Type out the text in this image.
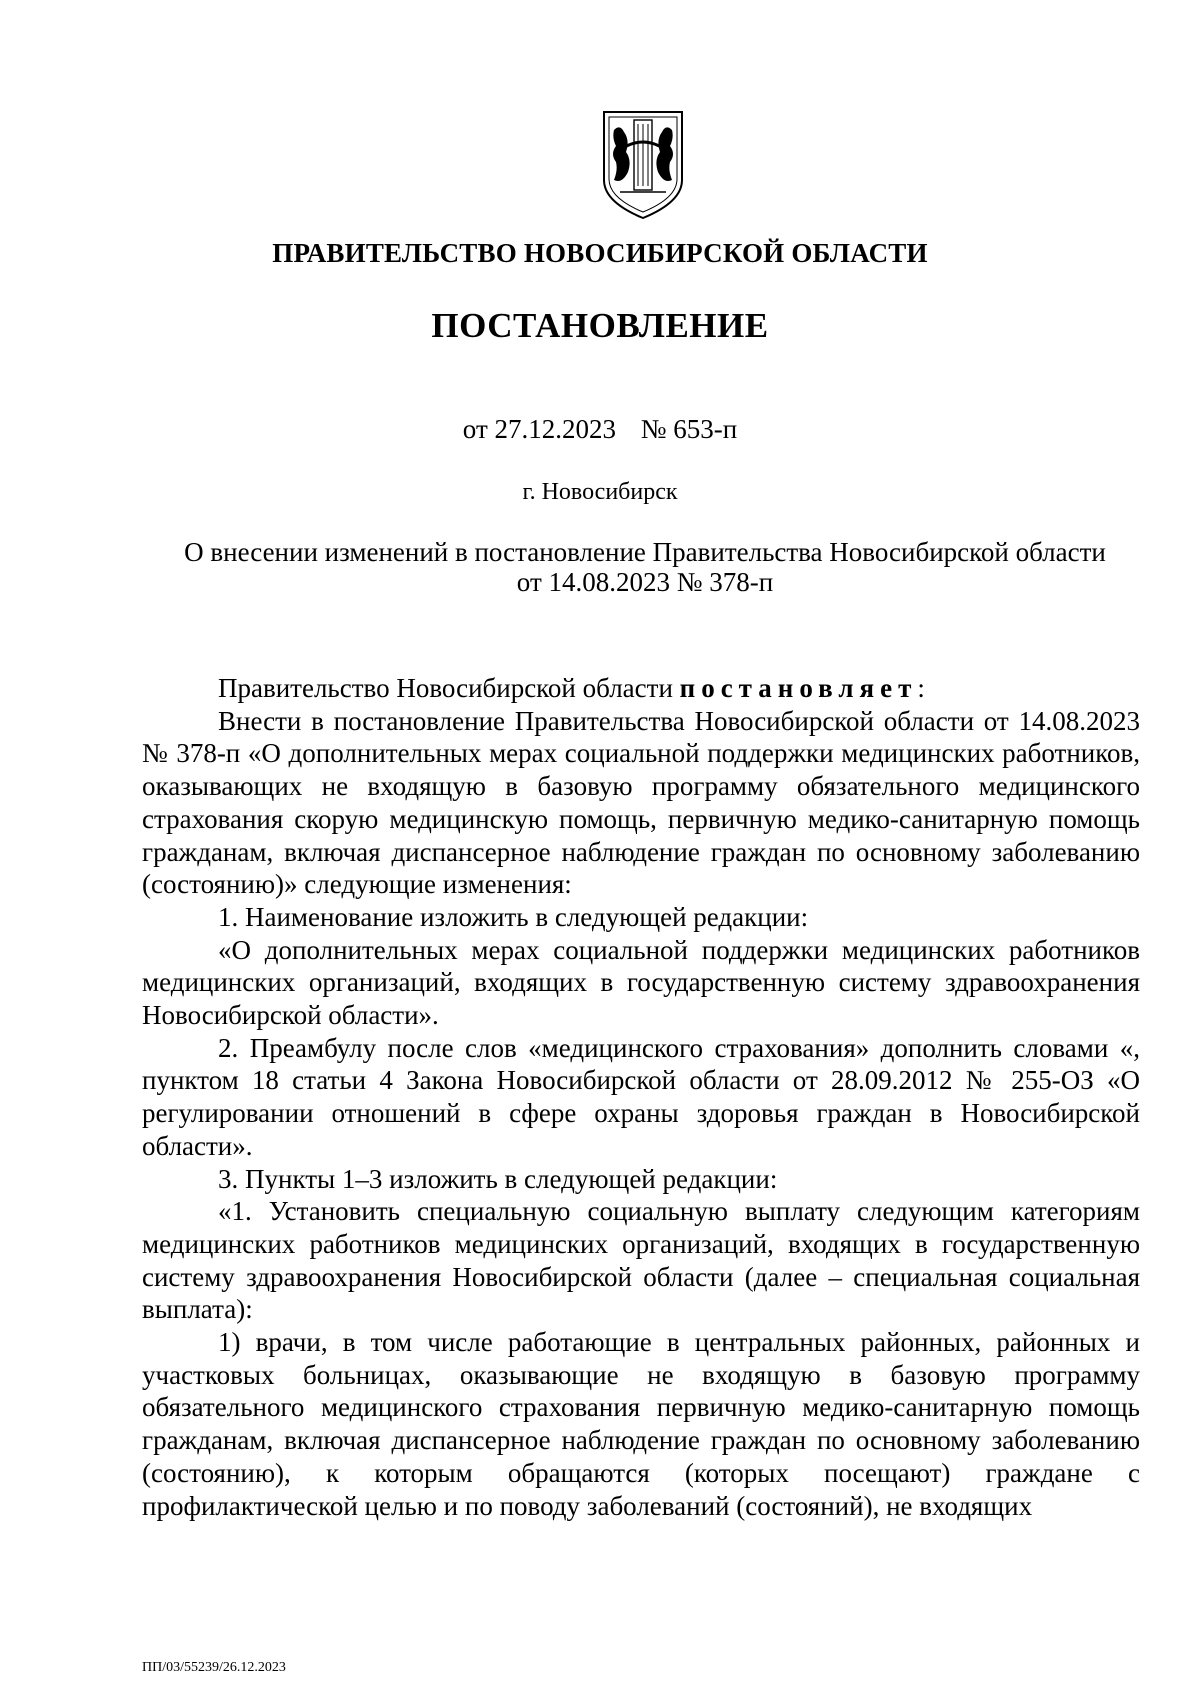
ПРАВИТЕЛЬСТВО НОВОСИБИРСКОЙ ОБЛАСТИ
ПОСТАНОВЛЕНИЕ
от 27.12.2023 № 653-п
г. Новосибирск
О внесении изменений в постановление Правительства Новосибирской области
от 14.08.2023 № 378-п

Правительство Новосибирской области постановляет:

Внести в постановление Правительства Новосибирской области от 14.08.2023 № 378-п «О дополнительных мерах социальной поддержки медицинских работников, оказывающих не входящую в базовую программу обязательного медицинского страхования скорую медицинскую помощь, первичную медико-санитарную помощь гражданам, включая диспансерное наблюдение граждан по основному заболеванию (состоянию)» следующие изменения:

1. Наименование изложить в следующей редакции:

«О дополнительных мерах социальной поддержки медицинских работников медицинских организаций, входящих в государственную систему здравоохранения Новосибирской области».

2. Преамбулу после слов «медицинского страхования» дополнить словами «, пунктом 18 статьи 4 Закона Новосибирской области от 28.09.2012 № 255-ОЗ «О регулировании отношений в сфере охраны здоровья граждан в Новосибирской области».

3. Пункты 1–3 изложить в следующей редакции:

«1. Установить специальную социальную выплату следующим категориям медицинских работников медицинских организаций, входящих в государственную систему здравоохранения Новосибирской области (далее – специальная социальная выплата):

1) врачи, в том числе работающие в центральных районных, районных и участковых больницах, оказывающие не входящую в базовую программу обязательного медицинского страхования первичную медико-санитарную помощь гражданам, включая диспансерное наблюдение граждан по основному заболеванию (состоянию), к которым обращаются (которых посещают) граждане с профилактической целью и по поводу заболеваний (состояний), не входящих

ПП/03/55239/26.12.2023
